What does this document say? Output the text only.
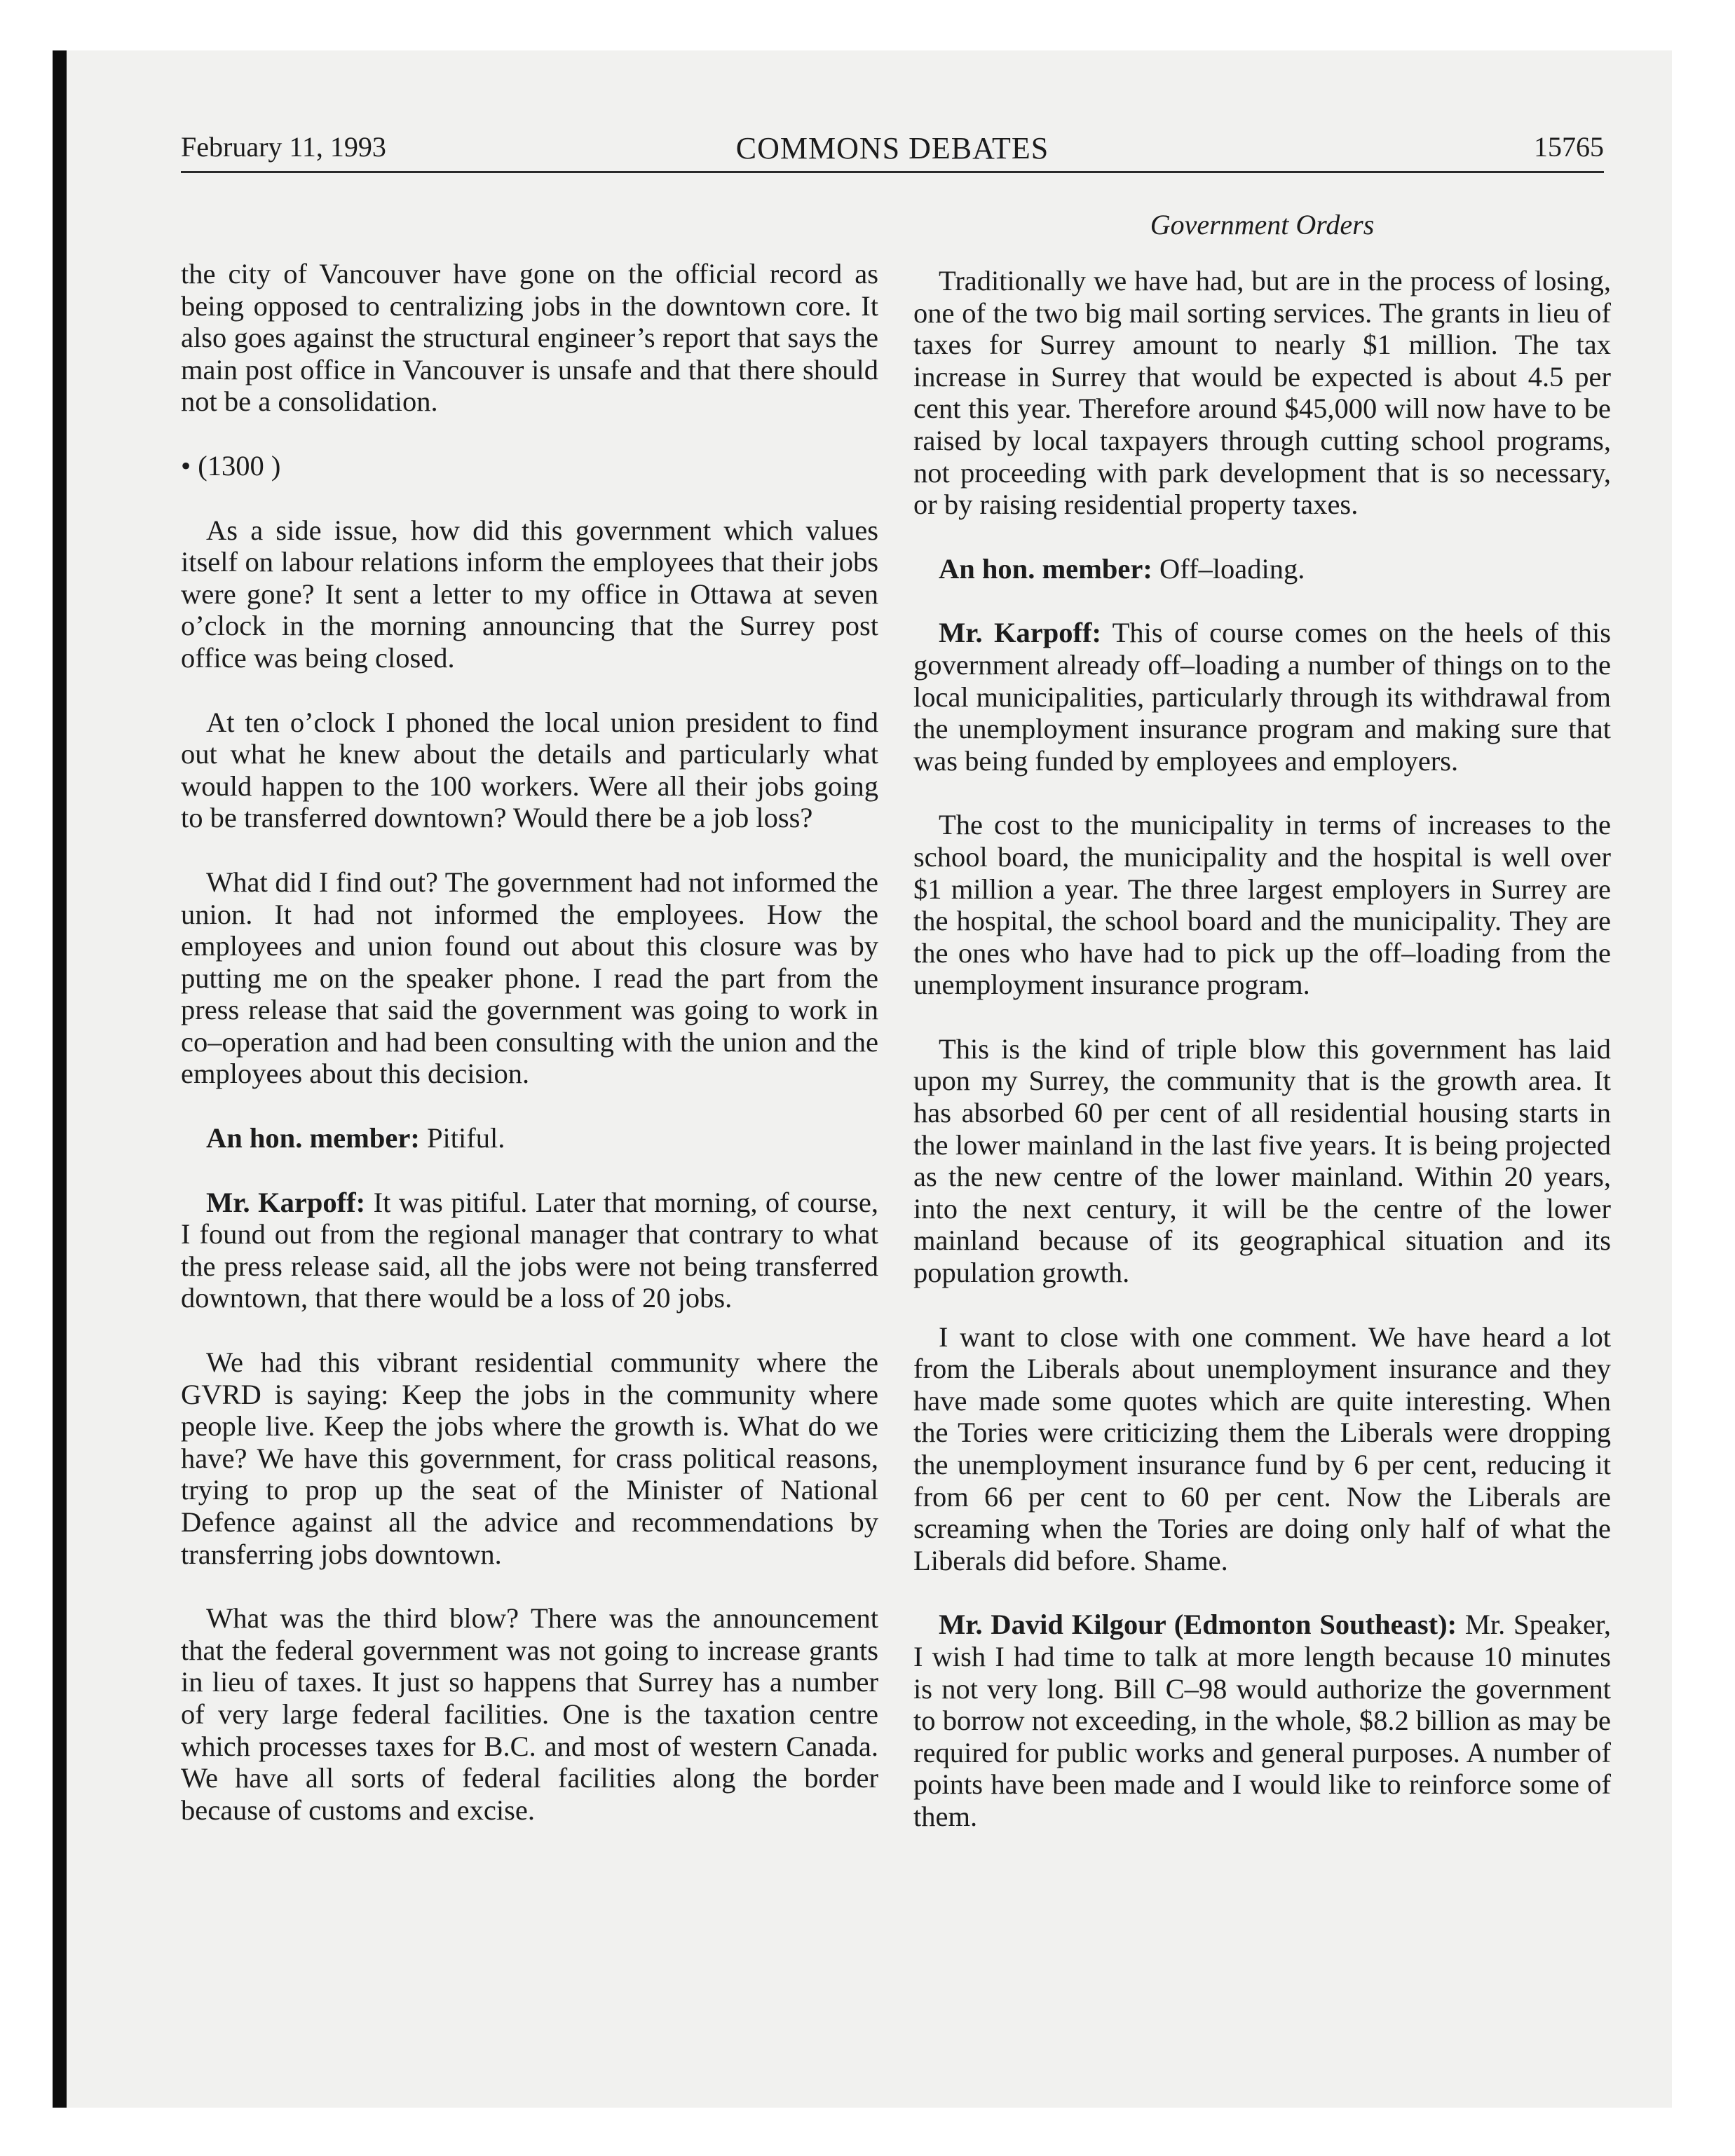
February 11, 1993	COMMONS DEBATES	15765

the city of Vancouver have gone on the official record as being opposed to centralizing jobs in the downtown core. It also goes against the structural engineer’s report that says the main post office in Vancouver is unsafe and that there should not be a consolidation.

• (1300 )

As a side issue, how did this government which values itself on labour relations inform the employees that their jobs were gone? It sent a letter to my office in Ottawa at seven o’clock in the morning announcing that the Surrey post office was being closed.

At ten o’clock I phoned the local union president to find out what he knew about the details and particularly what would happen to the 100 workers. Were all their jobs going to be transferred downtown? Would there be a job loss?

What did I find out? The government had not informed the union. It had not informed the employees. How the employees and union found out about this closure was by putting me on the speaker phone. I read the part from the press release that said the government was going to work in co–operation and had been consulting with the union and the employees about this decision.

An hon. member: Pitiful.

Mr. Karpoff: It was pitiful. Later that morning, of course, I found out from the regional manager that contrary to what the press release said, all the jobs were not being transferred downtown, that there would be a loss of 20 jobs.

We had this vibrant residential community where the GVRD is saying: Keep the jobs in the community where people live. Keep the jobs where the growth is. What do we have? We have this government, for crass political reasons, trying to prop up the seat of the Minister of National Defence against all the advice and recommendations by transferring jobs downtown.

What was the third blow? There was the announcement that the federal government was not going to increase grants in lieu of taxes. It just so happens that Surrey has a number of very large federal facilities. One is the taxation centre which processes taxes for B.C. and most of western Canada. We have all sorts of federal facilities along the border because of customs and excise.

Government Orders

Traditionally we have had, but are in the process of losing, one of the two big mail sorting services. The grants in lieu of taxes for Surrey amount to nearly $1 million. The tax increase in Surrey that would be expected is about 4.5 per cent this year. Therefore around $45,000 will now have to be raised by local taxpayers through cutting school programs, not proceeding with park development that is so necessary, or by raising residential property taxes.

An hon. member: Off–loading.

Mr. Karpoff: This of course comes on the heels of this government already off–loading a number of things on to the local municipalities, particularly through its withdrawal from the unemployment insurance program and making sure that was being funded by employees and employers.

The cost to the municipality in terms of increases to the school board, the municipality and the hospital is well over $1 million a year. The three largest employers in Surrey are the hospital, the school board and the municipality. They are the ones who have had to pick up the off–loading from the unemployment insurance program.

This is the kind of triple blow this government has laid upon my Surrey, the community that is the growth area. It has absorbed 60 per cent of all residential housing starts in the lower mainland in the last five years. It is being projected as the new centre of the lower mainland. Within 20 years, into the next century, it will be the centre of the lower mainland because of its geographical situation and its population growth.

I want to close with one comment. We have heard a lot from the Liberals about unemployment insurance and they have made some quotes which are quite interesting. When the Tories were criticizing them the Liberals were dropping the unemployment insurance fund by 6 per cent, reducing it from 66 per cent to 60 per cent. Now the Liberals are screaming when the Tories are doing only half of what the Liberals did before. Shame.

Mr. David Kilgour (Edmonton Southeast): Mr. Speaker, I wish I had time to talk at more length because 10 minutes is not very long. Bill C–98 would authorize the government to borrow not exceeding, in the whole, $8.2 billion as may be required for public works and general purposes. A number of points have been made and I would like to reinforce some of them.
